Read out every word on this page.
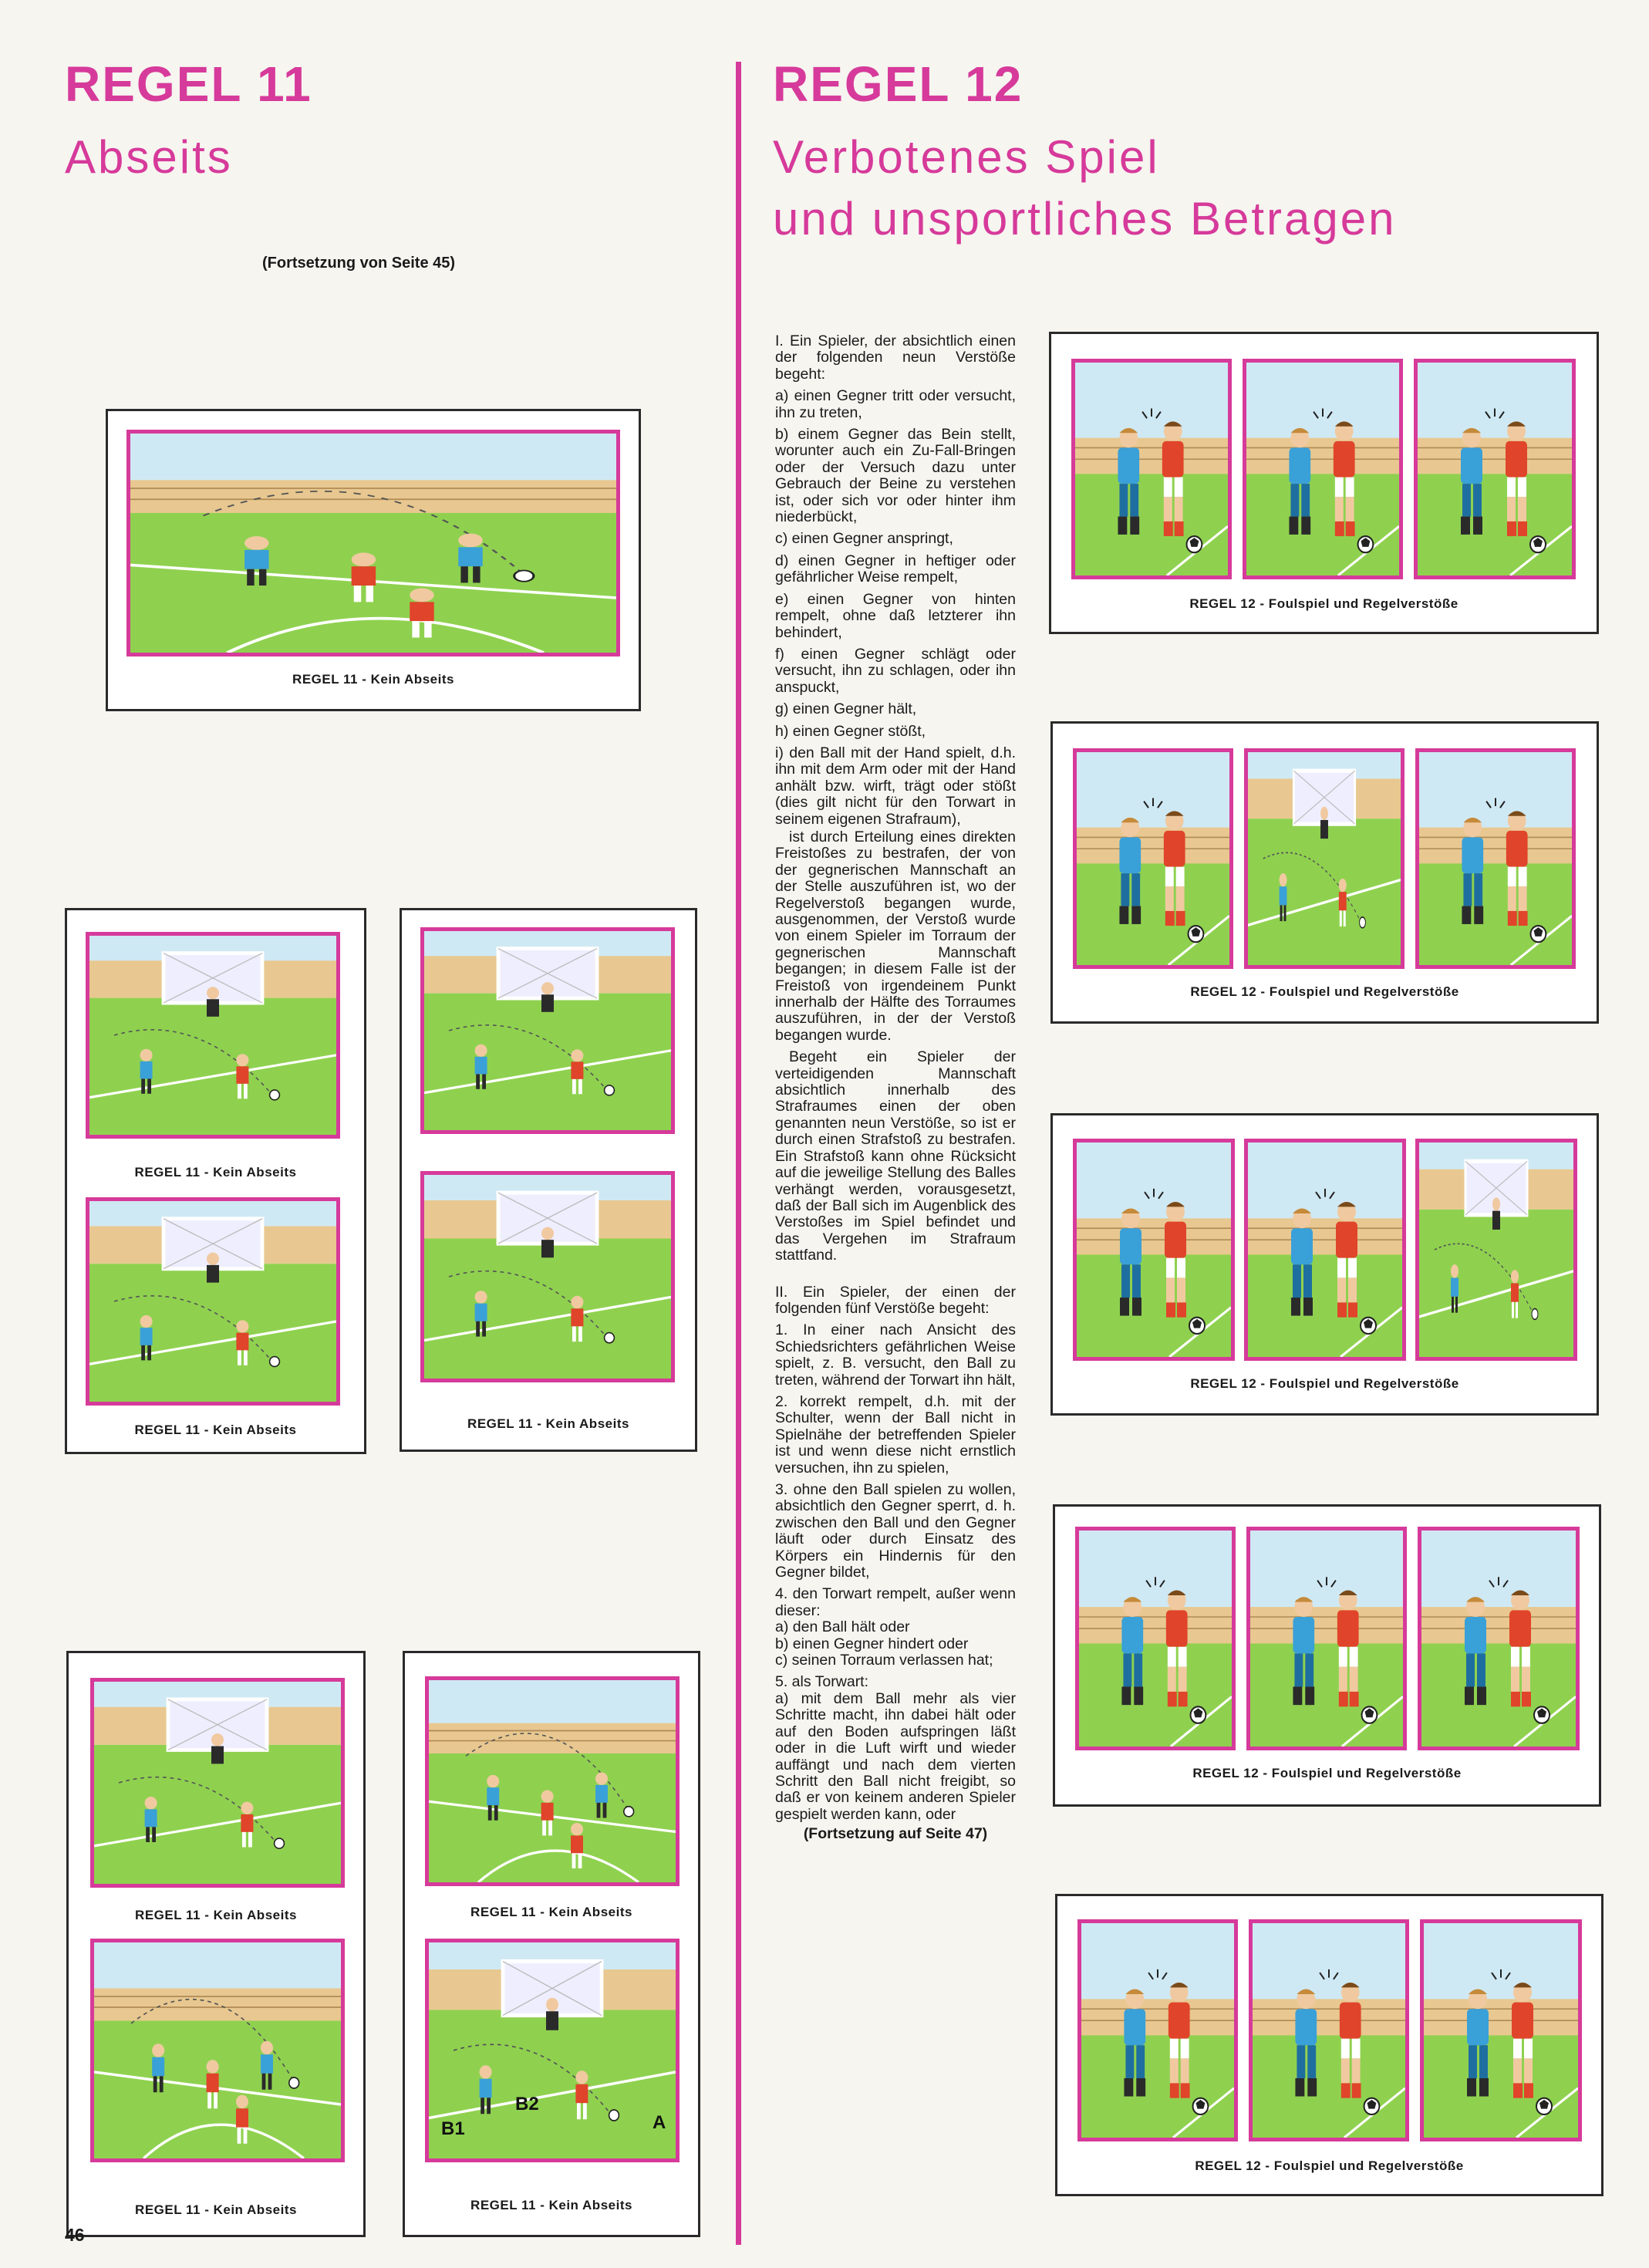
REGEL 11
Abseits
(Fortsetzung von Seite 45)
REGEL 12
Verbotenes Spiel
und unsportliches Betragen
REGEL 11 - Kein Abseits
REGEL 11 - Kein Abseits
REGEL 11 - Kein Abseits	REGEL 11 - Kein Abseits
REGEL 11 - Kein Abseits
REGEL 11 - Kein Abseits
REGEL 11 - Kein Abseits
B1
B2
A
REGEL 11 - Kein Abseits
46

I. Ein Spieler, der absichtlich einen der folgenden neun Verstöße begeht:

a) einen Gegner tritt oder versucht, ihn zu treten,

b) einem Gegner das Bein stellt, worunter auch ein Zu-Fall-Bringen oder der Versuch dazu unter Gebrauch der Beine zu verstehen ist, oder sich vor oder hinter ihm niederbückt,

c) einen Gegner anspringt,

d) einen Gegner in heftiger oder gefährlicher Weise rempelt,

e) einen Gegner von hinten rempelt, ohne daß letzterer ihn behindert,

f) einen Gegner schlägt oder versucht, ihn zu schlagen, oder ihn anspuckt,

g) einen Gegner hält,

h) einen Gegner stößt,

i) den Ball mit der Hand spielt, d.h. ihn mit dem Arm oder mit der Hand anhält bzw. wirft, trägt oder stößt (dies gilt nicht für den Torwart in seinem eigenen Strafraum),

ist durch Erteilung eines direkten Freistoßes zu bestrafen, der von der gegnerischen Mannschaft an der Stelle auszuführen ist, wo der Regelverstoß begangen wurde, ausgenommen, der Verstoß wurde von einem Spieler im Torraum der gegnerischen Mannschaft begangen; in diesem Falle ist der Freistoß von irgendeinem Punkt innerhalb der Hälfte des Torraumes auszuführen, in der der Verstoß begangen wurde.

Begeht ein Spieler der verteidigenden Mannschaft absichtlich innerhalb des Strafraumes einen der oben genannten neun Verstöße, so ist er durch einen Strafstoß zu bestrafen. Ein Strafstoß kann ohne Rücksicht auf die jeweilige Stellung des Balles verhängt werden, vorausgesetzt, daß der Ball sich im Augenblick des Verstoßes im Spiel befindet und das Vergehen im Strafraum stattfand.

II. Ein Spieler, der einen der folgenden fünf Verstöße begeht:

1. In einer nach Ansicht des Schiedsrichters gefährlichen Weise spielt, z. B. versucht, den Ball zu treten, während der Torwart ihn hält,

2. korrekt rempelt, d.h. mit der Schulter, wenn der Ball nicht in Spielnähe der betreffenden Spieler ist und wenn diese nicht ernstlich versuchen, ihn zu spielen,

3. ohne den Ball spielen zu wollen, absichtlich den Gegner sperrt, d. h. zwischen den Ball und den Gegner läuft oder durch Einsatz des Körpers ein Hindernis für den Gegner bildet,

4. den Torwart rempelt, außer wenn dieser:

a) den Ball hält oder
b) einen Gegner hindert oder
c) seinen Torraum verlassen hat;

5. als Torwart:

a) mit dem Ball mehr als vier Schritte macht, ihn dabei hält oder auf den Boden aufspringen läßt oder in die Luft wirft und wieder auffängt und nach dem vierten Schritt den Ball nicht freigibt, so daß er von keinem anderen Spieler gespielt werden kann, oder

(Fortsetzung auf Seite 47)

REGEL 12 - Foulspiel und Regelverstöße
REGEL 12 - Foulspiel und Regelverstöße
REGEL 12 - Foulspiel und Regelverstöße
REGEL 12 - Foulspiel und Regelverstöße
REGEL 12 - Foulspiel und Regelverstöße
